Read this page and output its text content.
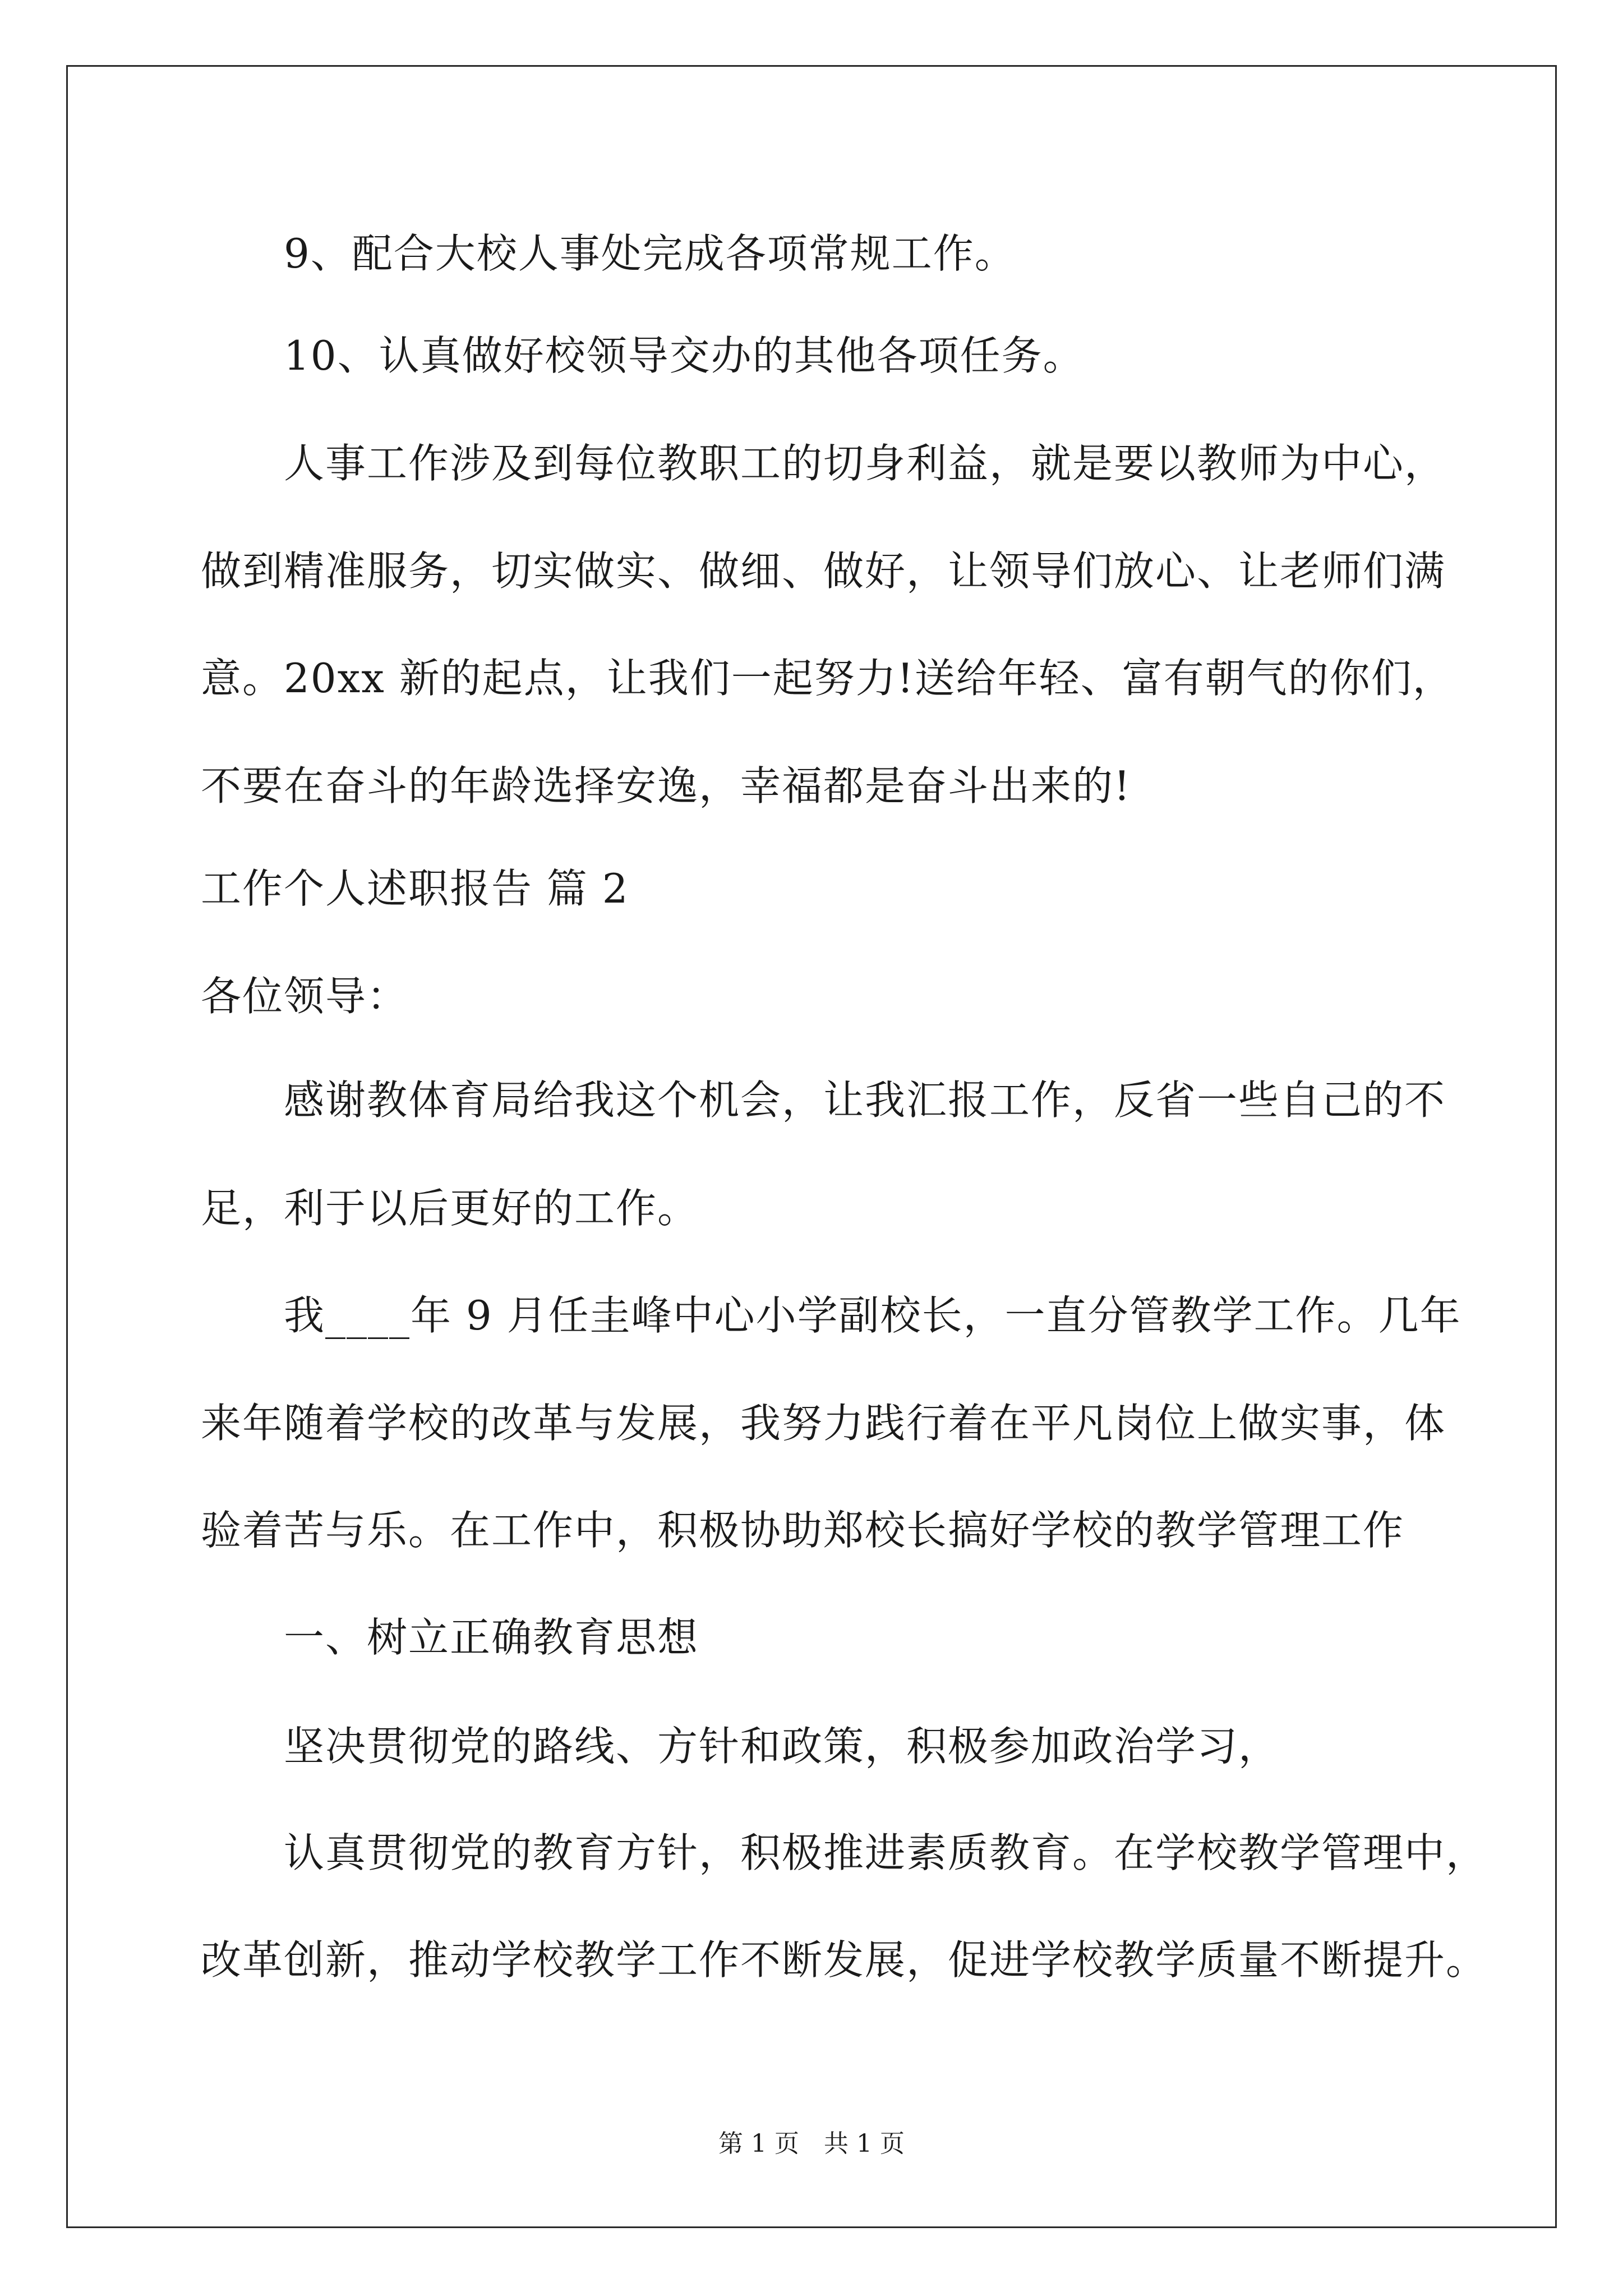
9、配合大校人事处完成各项常规工作。
10、认真做好校领导交办的其他各项任务。
人事工作涉及到每位教职工的切身利益，就是要以教师为中心，
做到精准服务，切实做实、做细、做好，让领导们放心、让老师们满
意。20xx 新的起点，让我们一起努力!送给年轻、富有朝气的你们，
不要在奋斗的年龄选择安逸，幸福都是奋斗出来的!
工作个人述职报告 篇 2
各位领导：
感谢教体育局给我这个机会，让我汇报工作，反省一些自己的不
足，利于以后更好的工作。
我____年 9 月任圭峰中心小学副校长，一直分管教学工作。几年
来年随着学校的改革与发展，我努力践行着在平凡岗位上做实事，体
验着苦与乐。在工作中，积极协助郑校长搞好学校的教学管理工作
一、树立正确教育思想
坚决贯彻党的路线、方针和政策，积极参加政治学习，
认真贯彻党的教育方针，积极推进素质教育。在学校教学管理中，
改革创新，推动学校教学工作不断发展，促进学校教学质量不断提升。
第 1 页　共 1 页
